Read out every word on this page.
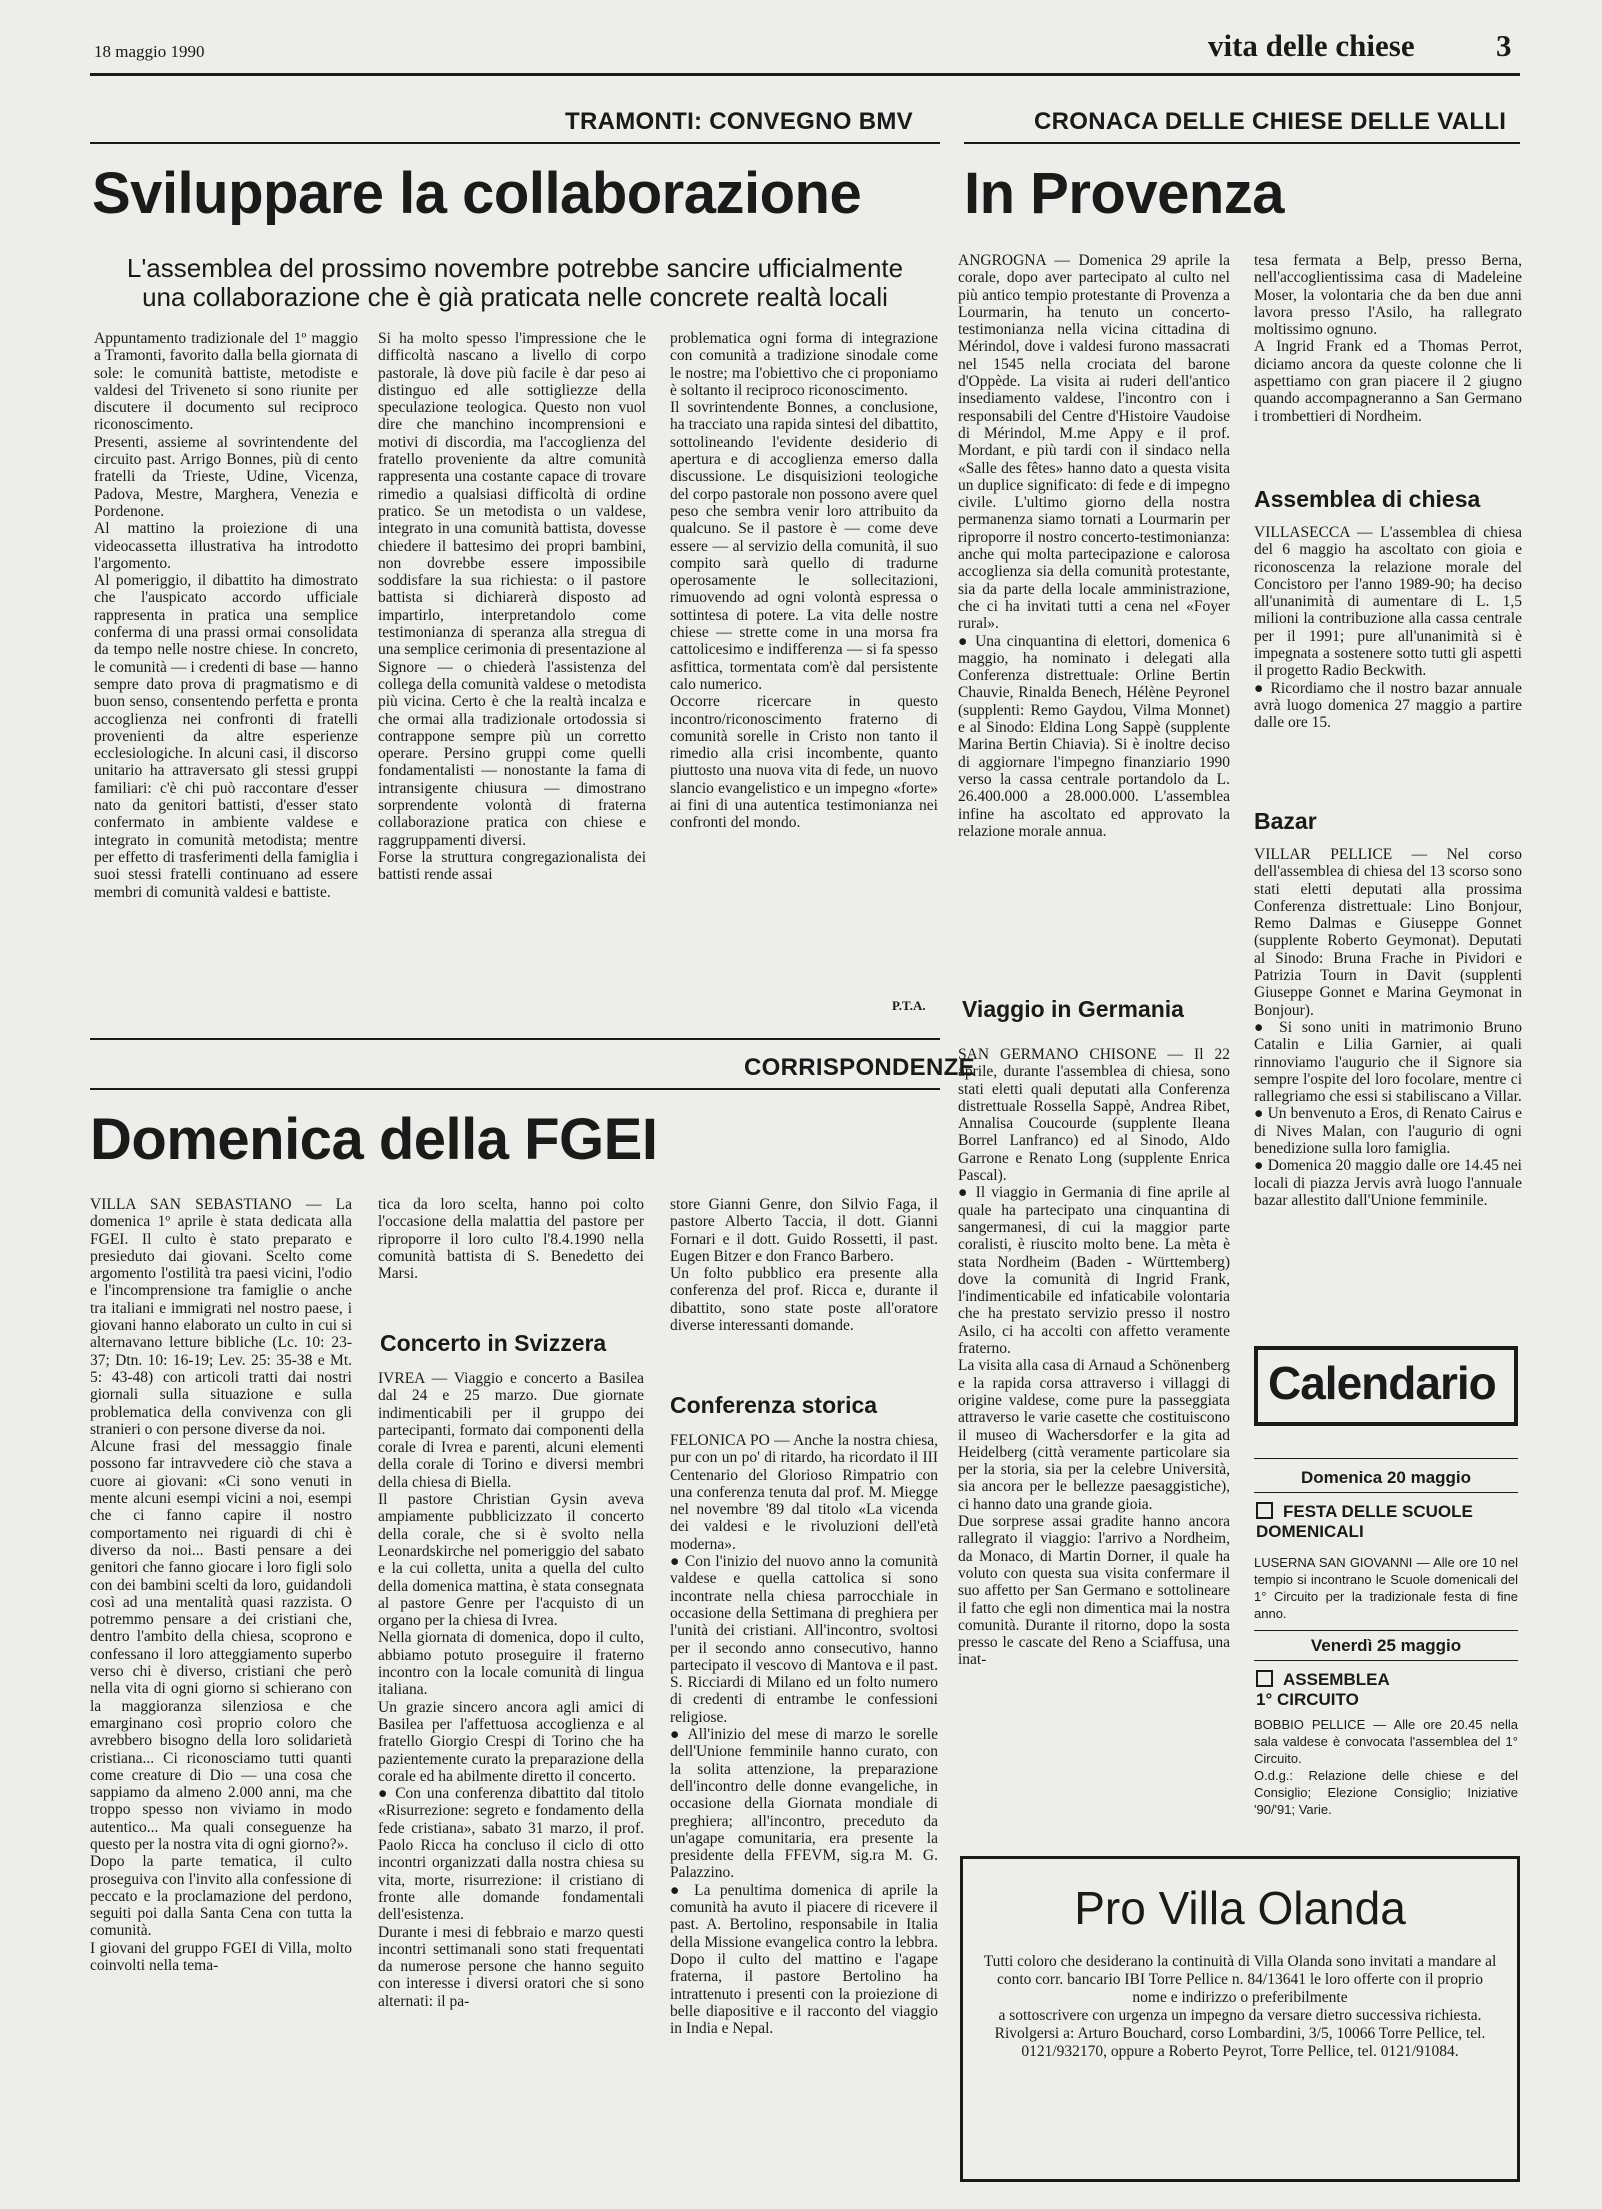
18 maggio 1990	vita delle chiese	3
TRAMONTI: CONVEGNO BMV
Sviluppare la collaborazione
L'assemblea del prossimo novembre potrebbe sancire ufficialmente
una collaborazione che è già praticata nelle concrete realtà locali
Appuntamento tradizionale del 1º maggio a Tramonti, favorito dalla bella giornata di sole: le comunità battiste, metodiste e valdesi del Triveneto si sono riunite per discutere il documento sul reciproco riconoscimento.
Presenti, assieme al sovrintendente del circuito past. Arrigo Bonnes, più di cento fratelli da Trieste, Udine, Vicenza, Padova, Mestre, Marghera, Venezia e Pordenone.
Al mattino la proiezione di una videocassetta illustrativa ha introdotto l'argomento.
Al pomeriggio, il dibattito ha dimostrato che l'auspicato accordo ufficiale rappresenta in pratica una semplice conferma di una prassi ormai consolidata da tempo nelle nostre chiese. In concreto, le comunità — i credenti di base — hanno sempre dato prova di pragmatismo e di buon senso, consentendo perfetta e pronta accoglienza nei confronti di fratelli provenienti da altre esperienze ecclesiologiche. In alcuni casi, il discorso unitario ha attraversato gli stessi gruppi familiari: c'è chi può raccontare d'esser nato da genitori battisti, d'esser stato confermato in ambiente valdese e integrato in comunità metodista; mentre per effetto di trasferimenti della famiglia i suoi stessi fratelli continuano ad essere membri di comunità valdesi e battiste.
Si ha molto spesso l'impressione che le difficoltà nascano a livello di corpo pastorale, là dove più facile è dar peso ai distinguo ed alle sottigliezze della speculazione teologica. Questo non vuol dire che manchino incomprensioni e motivi di discordia, ma l'accoglienza del fratello proveniente da altre comunità rappresenta una costante capace di trovare rimedio a qualsiasi difficoltà di ordine pratico. Se un metodista o un valdese, integrato in una comunità battista, dovesse chiedere il battesimo dei propri bambini, non dovrebbe essere impossibile soddisfare la sua richiesta: o il pastore battista si dichiarerà disposto ad impartirlo, interpretandolo come testimonianza di speranza alla stregua di una semplice cerimonia di presentazione al Signore — o chiederà l'assistenza del collega della comunità valdese o metodista più vicina. Certo è che la realtà incalza e che ormai alla tradizionale ortodossia si contrappone sempre più un corretto operare. Persino gruppi come quelli fondamentalisti — nonostante la fama di intransigente chiusura — dimostrano sorprendente volontà di fraterna collaborazione pratica con chiese e raggruppamenti diversi.
Forse la struttura congregazionalista dei battisti rende assai
problematica ogni forma di integrazione con comunità a tradizione sinodale come le nostre; ma l'obiettivo che ci proponiamo è soltanto il reciproco riconoscimento.
Il sovrintendente Bonnes, a conclusione, ha tracciato una rapida sintesi del dibattito, sottolineando l'evidente desiderio di apertura e di accoglienza emerso dalla discussione. Le disquisizioni teologiche del corpo pastorale non possono avere quel peso che sembra venir loro attribuito da qualcuno. Se il pastore è — come deve essere — al servizio della comunità, il suo compito sarà quello di tradurne operosamente le sollecitazioni, rimuovendo ad ogni volontà espressa o sottintesa di potere. La vita delle nostre chiese — strette come in una morsa fra cattolicesimo e indifferenza — si fa spesso asfittica, tormentata com'è dal persistente calo numerico.
Occorre ricercare in questo incontro/riconoscimento fraterno di comunità sorelle in Cristo non tanto il rimedio alla crisi incombente, quanto piuttosto una nuova vita di fede, un nuovo slancio evangelistico e un impegno «forte» ai fini di una autentica testimonianza nei confronti del mondo.
P.T.A.
CRONACA DELLE CHIESE DELLE VALLI
In Provenza
ANGROGNA — Domenica 29 aprile la corale, dopo aver partecipato al culto nel più antico tempio protestante di Provenza a Lourmarin, ha tenuto un concerto-testimonianza nella vicina cittadina di Mérindol, dove i valdesi furono massacrati nel 1545 nella crociata del barone d'Oppède. La visita ai ruderi dell'antico insediamento valdese, l'incontro con i responsabili del Centre d'Histoire Vaudoise di Mérindol, M.me Appy e il prof. Mordant, e più tardi con il sindaco nella «Salle des fêtes» hanno dato a questa visita un duplice significato: di fede e di impegno civile. L'ultimo giorno della nostra permanenza siamo tornati a Lourmarin per riproporre il nostro concerto-testimonianza: anche qui molta partecipazione e calorosa accoglienza sia della comunità protestante, sia da parte della locale amministrazione, che ci ha invitati tutti a cena nel «Foyer rural».
● Una cinquantina di elettori, domenica 6 maggio, ha nominato i delegati alla Conferenza distrettuale: Orline Bertin Chauvie, Rinalda Benech, Hélène Peyronel (supplenti: Remo Gaydou, Vilma Monnet) e al Sinodo: Eldina Long Sappè (supplente Marina Bertin Chiavia). Si è inoltre deciso di aggiornare l'impegno finanziario 1990 verso la cassa centrale portandolo da L. 26.400.000 a 28.000.000. L'assemblea infine ha ascoltato ed approvato la relazione morale annua.
Viaggio in Germania
SAN GERMANO CHISONE — Il 22 aprile, durante l'assemblea di chiesa, sono stati eletti quali deputati alla Conferenza distrettuale Rossella Sappè, Andrea Ribet, Annalisa Coucourde (supplente Ileana Borrel Lanfranco) ed al Sinodo, Aldo Garrone e Renato Long (supplente Enrica Pascal).
● Il viaggio in Germania di fine aprile al quale ha partecipato una cinquantina di sangermanesi, di cui la maggior parte coralisti, è riuscito molto bene. La mèta è stata Nordheim (Baden - Württemberg) dove la comunità di Ingrid Frank, l'indimenticabile ed infaticabile volontaria che ha prestato servizio presso il nostro Asilo, ci ha accolti con affetto veramente fraterno.
La visita alla casa di Arnaud a Schönenberg e la rapida corsa attraverso i villaggi di origine valdese, come pure la passeggiata attraverso le varie casette che costituiscono il museo di Wachersdorfer e la gita ad Heidelberg (città veramente particolare sia per la storia, sia per la celebre Università, sia ancora per le bellezze paesaggistiche), ci hanno dato una grande gioia.
Due sorprese assai gradite hanno ancora rallegrato il viaggio: l'arrivo a Nordheim, da Monaco, di Martin Dorner, il quale ha voluto con questa sua visita confermare il suo affetto per San Germano e sottolineare il fatto che egli non dimentica mai la nostra comunità. Durante il ritorno, dopo la sosta presso le cascate del Reno a Sciaffusa, una inat-
tesa fermata a Belp, presso Berna, nell'accoglientissima casa di Madeleine Moser, la volontaria che da ben due anni lavora presso l'Asilo, ha rallegrato moltissimo ognuno.
A Ingrid Frank ed a Thomas Perrot, diciamo ancora da queste colonne che li aspettiamo con gran piacere il 2 giugno quando accompagneranno a San Germano i trombettieri di Nordheim.
Assemblea di chiesa
VILLASECCA — L'assemblea di chiesa del 6 maggio ha ascoltato con gioia e riconoscenza la relazione morale del Concistoro per l'anno 1989-90; ha deciso all'unanimità di aumentare di L. 1,5 milioni la contribuzione alla cassa centrale per il 1991; pure all'unanimità si è impegnata a sostenere sotto tutti gli aspetti il progetto Radio Beckwith.
● Ricordiamo che il nostro bazar annuale avrà luogo domenica 27 maggio a partire dalle ore 15.
Bazar
VILLAR PELLICE — Nel corso dell'assemblea di chiesa del 13 scorso sono stati eletti deputati alla prossima Conferenza distrettuale: Lino Bonjour, Remo Dalmas e Giuseppe Gonnet (supplente Roberto Geymonat). Deputati al Sinodo: Bruna Frache in Pividori e Patrizia Tourn in Davit (supplenti Giuseppe Gonnet e Marina Geymonat in Bonjour).
● Si sono uniti in matrimonio Bruno Catalin e Lilia Garnier, ai quali rinnoviamo l'augurio che il Signore sia sempre l'ospite del loro focolare, mentre ci rallegriamo che essi si stabiliscano a Villar.
● Un benvenuto a Eros, di Renato Cairus e di Nives Malan, con l'augurio di ogni benedizione sulla loro famiglia.
● Domenica 20 maggio dalle ore 14.45 nei locali di piazza Jervis avrà luogo l'annuale bazar allestito dall'Unione femminile.
Calendario
Domenica 20 maggio
FESTA DELLE SCUOLE
DOMENICALI
LUSERNA SAN GIOVANNI — Alle ore 10 nel tempio si incontrano le Scuole domenicali del 1° Circuito per la tradizionale festa di fine anno.
Venerdì 25 maggio
ASSEMBLEA
1° CIRCUITO
BOBBIO PELLICE — Alle ore 20.45 nella sala valdese è convocata l'assemblea del 1° Circuito.
O.d.g.: Relazione delle chiese e del Consiglio; Elezione Consiglio; Iniziative '90/'91; Varie.
Pro Villa Olanda
Tutti coloro che desiderano la continuità di Villa Olanda sono invitati a mandare al conto corr. bancario IBI Torre Pellice n. 84/13641 le loro offerte con il proprio nome e indirizzo o preferibilmente
a sottoscrivere con urgenza un impegno da versare dietro successiva richiesta.
Rivolgersi a: Arturo Bouchard, corso Lombardini, 3/5, 10066 Torre Pellice, tel. 0121/932170, oppure a Roberto Peyrot, Torre Pellice, tel. 0121/91084.
CORRISPONDENZE
Domenica della FGEI
VILLA SAN SEBASTIANO — La domenica 1º aprile è stata dedicata alla FGEI. Il culto è stato preparato e presieduto dai giovani. Scelto come argomento l'ostilità tra paesi vicini, l'odio e l'incomprensione tra famiglie o anche tra italiani e immigrati nel nostro paese, i giovani hanno elaborato un culto in cui si alternavano letture bibliche (Lc. 10: 23-37; Dtn. 10: 16-19; Lev. 25: 35-38 e Mt. 5: 43-48) con articoli tratti dai nostri giornali sulla situazione e sulla problematica della convivenza con gli stranieri o con persone diverse da noi.
Alcune frasi del messaggio finale possono far intravvedere ciò che stava a cuore ai giovani: «Ci sono venuti in mente alcuni esempi vicini a noi, esempi che ci fanno capire il nostro comportamento nei riguardi di chi è diverso da noi... Basti pensare a dei genitori che fanno giocare i loro figli solo con dei bambini scelti da loro, guidandoli così ad una mentalità quasi razzista. O potremmo pensare a dei cristiani che, dentro l'ambito della chiesa, scoprono e confessano il loro atteggiamento superbo verso chi è diverso, cristiani che però nella vita di ogni giorno si schierano con la maggioranza silenziosa e che emarginano così proprio coloro che avrebbero bisogno della loro solidarietà cristiana... Ci riconosciamo tutti quanti come creature di Dio — una cosa che sappiamo da almeno 2.000 anni, ma che troppo spesso non viviamo in modo autentico... Ma quali conseguenze ha questo per la nostra vita di ogni giorno?».
Dopo la parte tematica, il culto proseguiva con l'invito alla confessione di peccato e la proclamazione del perdono, seguiti poi dalla Santa Cena con tutta la comunità.
I giovani del gruppo FGEI di Villa, molto coinvolti nella tema-
tica da loro scelta, hanno poi colto l'occasione della malattia del pastore per riproporre il loro culto l'8.4.1990 nella comunità battista di S. Benedetto dei Marsi.
Concerto in Svizzera
IVREA — Viaggio e concerto a Basilea dal 24 e 25 marzo. Due giornate indimenticabili per il gruppo dei partecipanti, formato dai componenti della corale di Ivrea e parenti, alcuni elementi della corale di Torino e diversi membri della chiesa di Biella.
Il pastore Christian Gysin aveva ampiamente pubblicizzato il concerto della corale, che si è svolto nella Leonardskirche nel pomeriggio del sabato e la cui colletta, unita a quella del culto della domenica mattina, è stata consegnata al pastore Genre per l'acquisto di un organo per la chiesa di Ivrea.
Nella giornata di domenica, dopo il culto, abbiamo potuto proseguire il fraterno incontro con la locale comunità di lingua italiana.
Un grazie sincero ancora agli amici di Basilea per l'affettuosa accoglienza e al fratello Giorgio Crespi di Torino che ha pazientemente curato la preparazione della corale ed ha abilmente diretto il concerto.
● Con una conferenza dibattito dal titolo «Risurrezione: segreto e fondamento della fede cristiana», sabato 31 marzo, il prof. Paolo Ricca ha concluso il ciclo di otto incontri organizzati dalla nostra chiesa su vita, morte, risurrezione: il cristiano di fronte alle domande fondamentali dell'esistenza.
Durante i mesi di febbraio e marzo questi incontri settimanali sono stati frequentati da numerose persone che hanno seguito con interesse i diversi oratori che si sono alternati: il pa-
store Gianni Genre, don Silvio Faga, il pastore Alberto Taccia, il dott. Gianni Fornari e il dott. Guido Rossetti, il past. Eugen Bitzer e don Franco Barbero.
Un folto pubblico era presente alla conferenza del prof. Ricca e, durante il dibattito, sono state poste all'oratore diverse interessanti domande.
Conferenza storica
FELONICA PO — Anche la nostra chiesa, pur con un po' di ritardo, ha ricordato il III Centenario del Glorioso Rimpatrio con una conferenza tenuta dal prof. M. Miegge nel novembre '89 dal titolo «La vicenda dei valdesi e le rivoluzioni dell'età moderna».
● Con l'inizio del nuovo anno la comunità valdese e quella cattolica si sono incontrate nella chiesa parrocchiale in occasione della Settimana di preghiera per l'unità dei cristiani. All'incontro, svoltosi per il secondo anno consecutivo, hanno partecipato il vescovo di Mantova e il past. S. Ricciardi di Milano ed un folto numero di credenti di entrambe le confessioni religiose.
● All'inizio del mese di marzo le sorelle dell'Unione femminile hanno curato, con la solita attenzione, la preparazione dell'incontro delle donne evangeliche, in occasione della Giornata mondiale di preghiera; all'incontro, preceduto da un'agape comunitaria, era presente la presidente della FFEVM, sig.ra M. G. Palazzino.
● La penultima domenica di aprile la comunità ha avuto il piacere di ricevere il past. A. Bertolino, responsabile in Italia della Missione evangelica contro la lebbra. Dopo il culto del mattino e l'agape fraterna, il pastore Bertolino ha intrattenuto i presenti con la proiezione di belle diapositive e il racconto del viaggio in India e Nepal.
